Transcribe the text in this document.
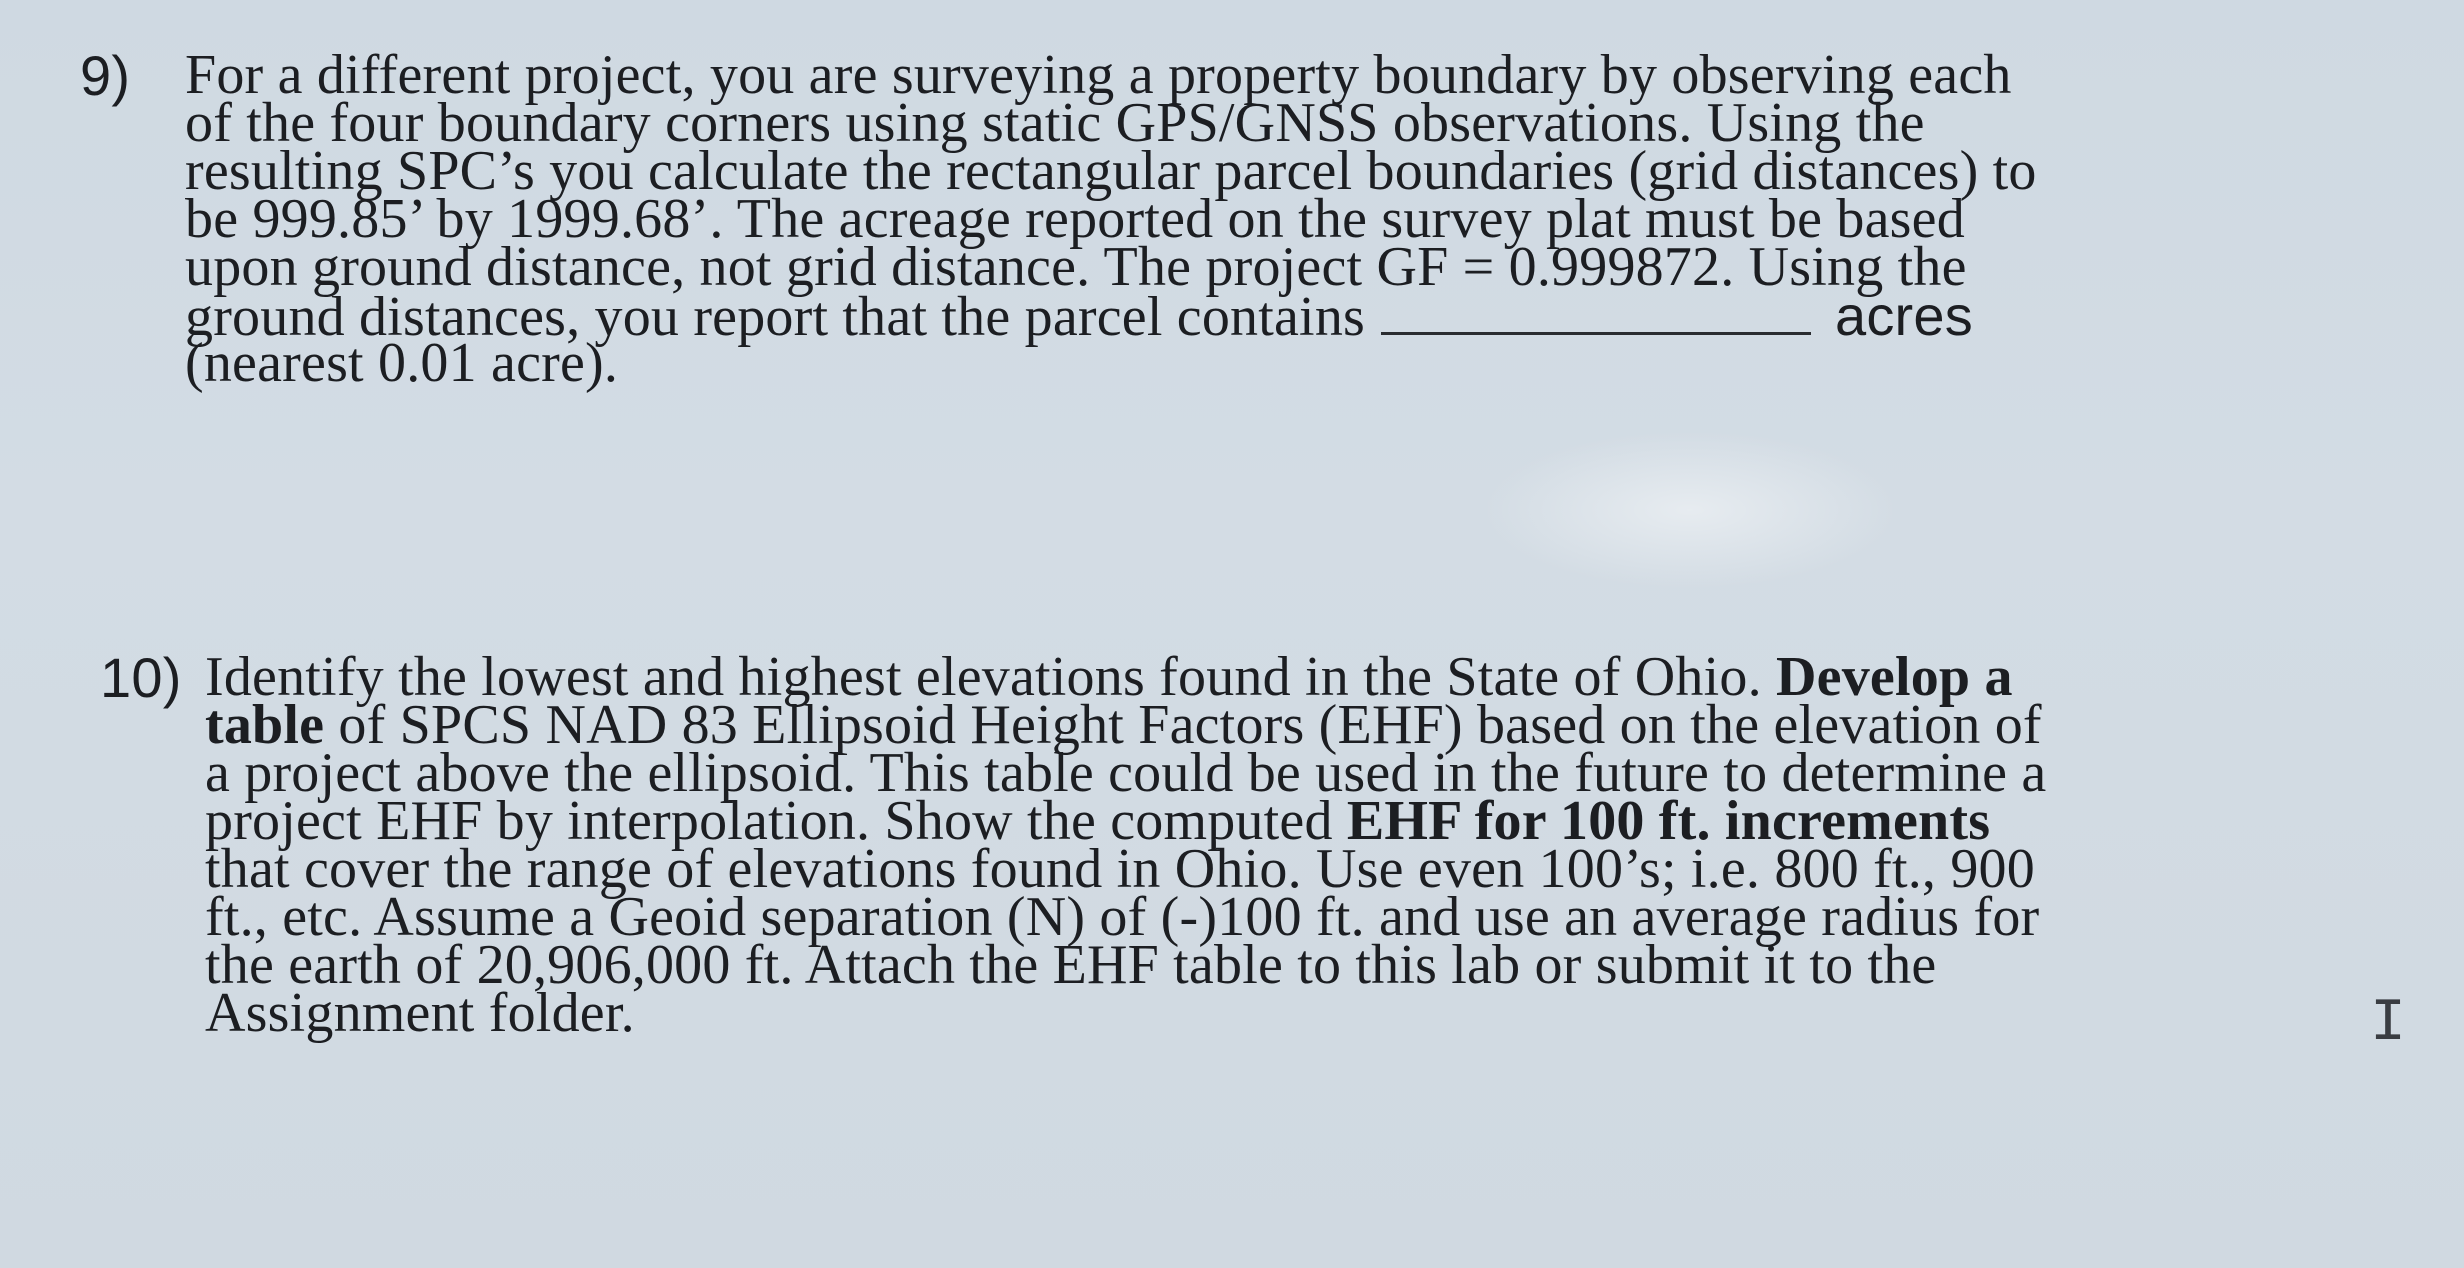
9) For a different project, you are surveying a property boundary by observing each
of the four boundary corners using static GPS/GNSS observations. Using the
resulting SPC’s you calculate the rectangular parcel boundaries (grid distances) to
be 999.85’ by 1999.68’. The acreage reported on the survey plat must be based
upon ground distance, not grid distance. The project GF = 0.999872. Using the
ground distances, you report that the parcel contains	acres
(nearest 0.01 acre).
10) Identify the lowest and highest elevations found in the State of Ohio. Develop a
table of SPCS NAD 83 Ellipsoid Height Factors (EHF) based on the elevation of
a project above the ellipsoid. This table could be used in the future to determine a
project EHF by interpolation. Show the computed EHF for 100 ft. increments
that cover the range of elevations found in Ohio. Use even 100’s; i.e. 800 ft., 900
ft., etc. Assume a Geoid separation (N) of (-)100 ft. and use an average radius for
the earth of 20,906,000 ft. Attach the EHF table to this lab or submit it to the
Assignment folder.	I
